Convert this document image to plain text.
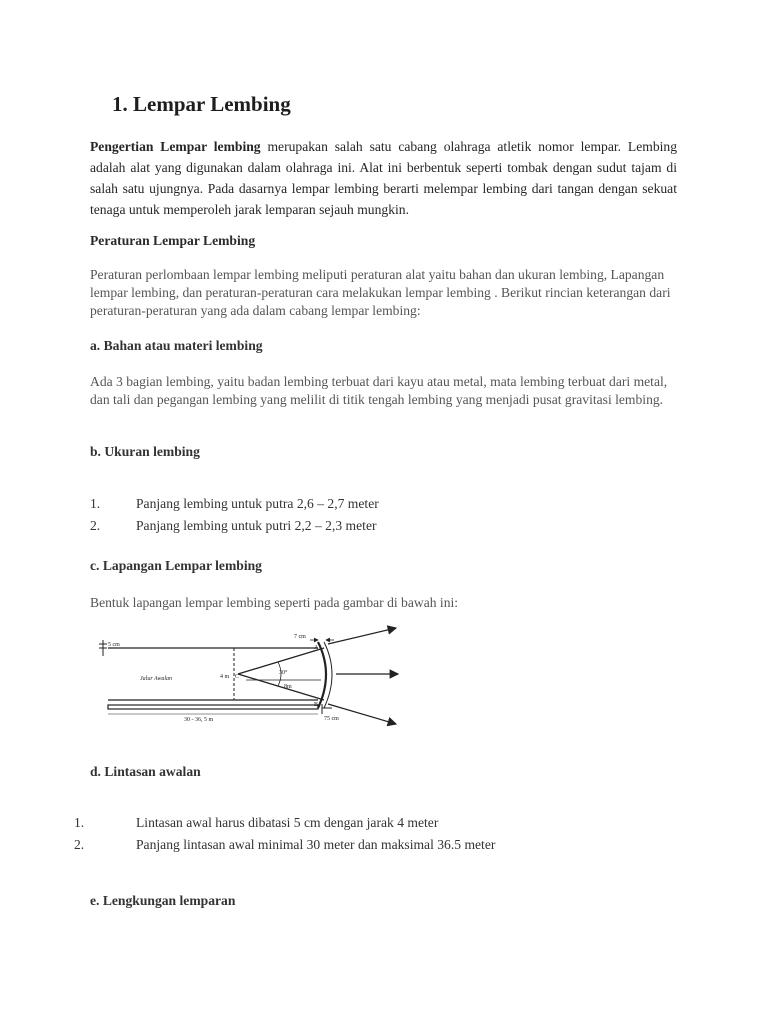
1. Lempar Lembing

Pengertian Lempar lembing merupakan salah satu cabang olahraga atletik nomor lempar. Lembing adalah alat yang digunakan dalam olahraga ini. Alat ini berbentuk seperti tombak dengan sudut tajam di salah satu ujungnya. Pada dasarnya lempar lembing berarti melempar lembing dari tangan dengan sekuat tenaga untuk memperoleh jarak lemparan sejauh mungkin.

Peraturan Lempar Lembing

Peraturan perlombaan lempar lembing meliputi peraturan alat yaitu bahan dan ukuran lembing, Lapangan lempar lembing, dan peraturan-peraturan cara melakukan lempar lembing . Berikut rincian keterangan dari peraturan-peraturan yang ada dalam cabang lempar lembing:

a. Bahan atau materi lembing

Ada 3 bagian lembing, yaitu badan lembing terbuat dari kayu atau metal, mata lembing terbuat dari metal, dan tali dan pegangan lembing yang melilit di titik tengah lembing yang menjadi pusat gravitasi lembing.

b. Ukuran lembing

1.	Panjang lembing untuk putra 2,6 – 2,7 meter
2.	Panjang lembing untuk putri 2,2 – 2,3 meter

c. Lapangan Lempar lembing

Bentuk lapangan lempar lembing seperti pada gambar di bawah ini:

5 cm
4 m
Jalur Awalan	C
30°
8m
A
B
7 cm
75 cm
30 - 36, 5 m

d. Lintasan awalan

1.	Lintasan awal harus dibatasi 5 cm dengan jarak 4 meter
2.	Panjang lintasan awal minimal 30 meter dan maksimal 36.5 meter

e. Lengkungan lemparan
